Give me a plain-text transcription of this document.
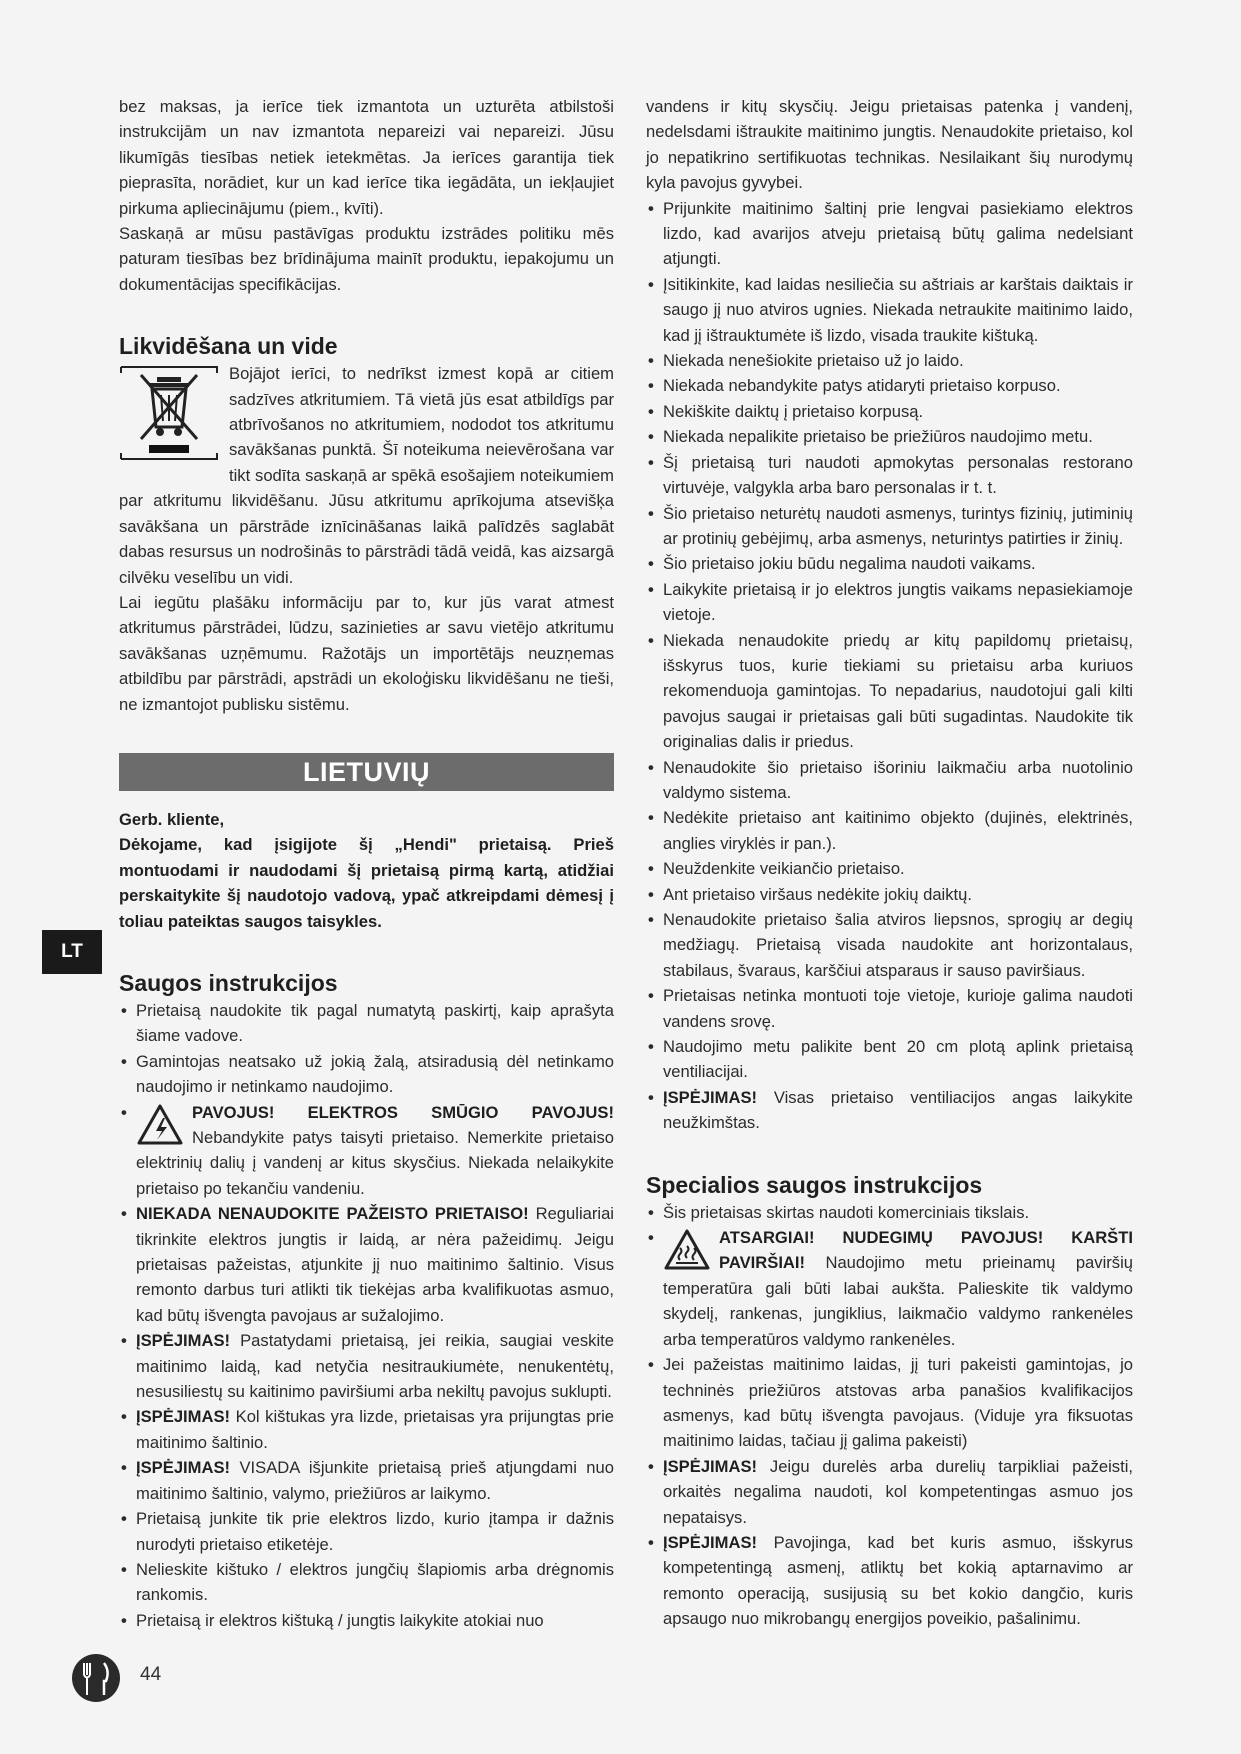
bez maksas, ja ierīce tiek izmantota un uzturēta atbilstoši instrukcijām un nav izmantota nepareizi vai nepareizi. Jūsu likumīgās tiesības netiek ietekmētas. Ja ierīces garantija tiek pieprasīta, norādiet, kur un kad ierīce tika iegādāta, un iekļaujiet pirkuma apliecinājumu (piem., kvīti).

Saskaņā ar mūsu pastāvīgas produktu izstrādes politiku mēs paturam tiesības bez brīdinājuma mainīt produktu, iepakojumu un dokumentācijas specifikācijas.

Likvidēšana un vide

Bojājot ierīci, to nedrīkst izmest kopā ar citiem sadzīves atkritumiem. Tā vietā jūs esat atbildīgs par atbrīvošanos no atkritumiem, nododot tos atkritumu savākšanas punktā. Šī noteikuma neievērošana var tikt sodīta saskaņā ar spēkā esošajiem noteikumiem par atkritumu likvidēšanu. Jūsu atkritumu aprīkojuma atsevišķa savākšana un pārstrāde iznīcināšanas laikā palīdzēs saglabāt dabas resursus un nodrošinās to pārstrādi tādā veidā, kas aizsargā cilvēku veselību un vidi.

Lai iegūtu plašāku informāciju par to, kur jūs varat atmest atkritumus pārstrādei, lūdzu, sazinieties ar savu vietējo atkritumu savākšanas uzņēmumu. Ražotājs un importētājs neuzņemas atbildību par pārstrādi, apstrādi un ekoloģisku likvidēšanu ne tieši, ne izmantojot publisku sistēmu.

LIETUVIŲ

Gerb. kliente,

Dėkojame, kad įsigijote šį „Hendi" prietaisą. Prieš montuodami ir naudodami šį prietaisą pirmą kartą, atidžiai perskaitykite šį naudotojo vadovą, ypač atkreipdami dėmesį į toliau pateiktas saugos taisykles.

Saugos instrukcijos
• Prietaisą naudokite tik pagal numatytą paskirtį, kaip aprašyta šiame vadove.
• Gamintojas neatsako už jokią žalą, atsiradusią dėl netinkamo naudojimo ir netinkamo naudojimo.
• PAVOJUS! ELEKTROS SMŪGIO PAVOJUS! Nebandykite patys taisyti prietaiso. Nemerkite prietaiso elektrinių dalių į vandenį ar kitus skysčius. Niekada nelaikykite prietaiso po tekančiu vandeniu.
• NIEKADA NENAUDOKITE PAŽEISTO PRIETAISO! Reguliariai tikrinkite elektros jungtis ir laidą, ar nėra pažeidimų. Jeigu prietaisas pažeistas, atjunkite jį nuo maitinimo šaltinio. Visus remonto darbus turi atlikti tik tiekėjas arba kvalifikuotas asmuo, kad būtų išvengta pavojaus ar sužalojimo.
• ĮSPĖJIMAS! Pastatydami prietaisą, jei reikia, saugiai veskite maitinimo laidą, kad netyčia nesitraukiumėte, nenukentėtų, nesusiliestų su kaitinimo paviršiumi arba nekiltų pavojus suklupti.
• ĮSPĖJIMAS! Kol kištukas yra lizde, prietaisas yra prijungtas prie maitinimo šaltinio.
• ĮSPĖJIMAS! VISADA išjunkite prietaisą prieš atjungdami nuo maitinimo šaltinio, valymo, priežiūros ar laikymo.
• Prietaisą junkite tik prie elektros lizdo, kurio įtampa ir dažnis nurodyti prietaiso etiketėje.
• Nelieskite kištuko / elektros jungčių šlapiomis arba drėgnomis rankomis.
• Prietaisą ir elektros kištuką / jungtis laikykite atokiai nuo

vandens ir kitų skysčių. Jeigu prietaisas patenka į vandenį, nedelsdami ištraukite maitinimo jungtis. Nenaudokite prietaiso, kol jo nepatikrino sertifikuotas technikas. Nesilaikant šių nurodymų kyla pavojus gyvybei.

• Prijunkite maitinimo šaltinį prie lengvai pasiekiamo elektros lizdo, kad avarijos atveju prietaisą būtų galima nedelsiant atjungti.
• Įsitikinkite, kad laidas nesiliečia su aštriais ar karštais daiktais ir saugo jį nuo atviros ugnies. Niekada netraukite maitinimo laido, kad jį ištrauktumėte iš lizdo, visada traukite kištuką.
• Niekada nenešiokite prietaiso už jo laido.
• Niekada nebandykite patys atidaryti prietaiso korpuso.
• Nekiškite daiktų į prietaiso korpusą.
• Niekada nepalikite prietaiso be priežiūros naudojimo metu.
• Šį prietaisą turi naudoti apmokytas personalas restorano virtuvėje, valgykla arba baro personalas ir t. t.
• Šio prietaiso neturėtų naudoti asmenys, turintys fizinių, jutiminių ar protinių gebėjimų, arba asmenys, neturintys patirties ir žinių.
• Šio prietaiso jokiu būdu negalima naudoti vaikams.
• Laikykite prietaisą ir jo elektros jungtis vaikams nepasiekiamoje vietoje.
• Niekada nenaudokite priedų ar kitų papildomų prietaisų, išskyrus tuos, kurie tiekiami su prietaisu arba kuriuos rekomenduoja gamintojas. To nepadarius, naudotojui gali kilti pavojus saugai ir prietaisas gali būti sugadintas. Naudokite tik originalias dalis ir priedus.
• Nenaudokite šio prietaiso išoriniu laikmačiu arba nuotolinio valdymo sistema.
• Nedėkite prietaiso ant kaitinimo objekto (dujinės, elektrinės, anglies viryklės ir pan.).
• Neuždenkite veikiančio prietaiso.
• Ant prietaiso viršaus nedėkite jokių daiktų.
• Nenaudokite prietaiso šalia atviros liepsnos, sprogių ar degių medžiagų. Prietaisą visada naudokite ant horizontalaus, stabilaus, švaraus, karščiui atsparaus ir sauso paviršiaus.
• Prietaisas netinka montuoti toje vietoje, kurioje galima naudoti vandens srovę.
• Naudojimo metu palikite bent 20 cm plotą aplink prietaisą ventiliacijai.
• ĮSPĖJIMAS! Visas prietaiso ventiliacijos angas laikykite neužkimštas.
Specialios saugos instrukcijos
• Šis prietaisas skirtas naudoti komerciniais tikslais.
• ATSARGIAI! NUDEGIMŲ PAVOJUS! KARŠTI PAVIRŠIAI! Naudojimo metu prieinamų paviršių temperatūra gali būti labai aukšta. Palieskite tik valdymo skydelį, rankenas, jungiklius, laikmačio valdymo rankenėles arba temperatūros valdymo rankenėles.
• Jei pažeistas maitinimo laidas, jį turi pakeisti gamintojas, jo techninės priežiūros atstovas arba panašios kvalifikacijos asmenys, kad būtų išvengta pavojaus. (Viduje yra fiksuotas maitinimo laidas, tačiau jį galima pakeisti)
• ĮSPĖJIMAS! Jeigu durelės arba durelių tarpikliai pažeisti, orkaitės negalima naudoti, kol kompetentingas asmuo jos nepataisys.
• ĮSPĖJIMAS! Pavojinga, kad bet kuris asmuo, išskyrus kompetentingą asmenį, atliktų bet kokią aptarnavimo ar remonto operaciją, susijusią su bet kokio dangčio, kuris apsaugo nuo mikrobangų energijos poveikio, pašalinimu.
LT
44
